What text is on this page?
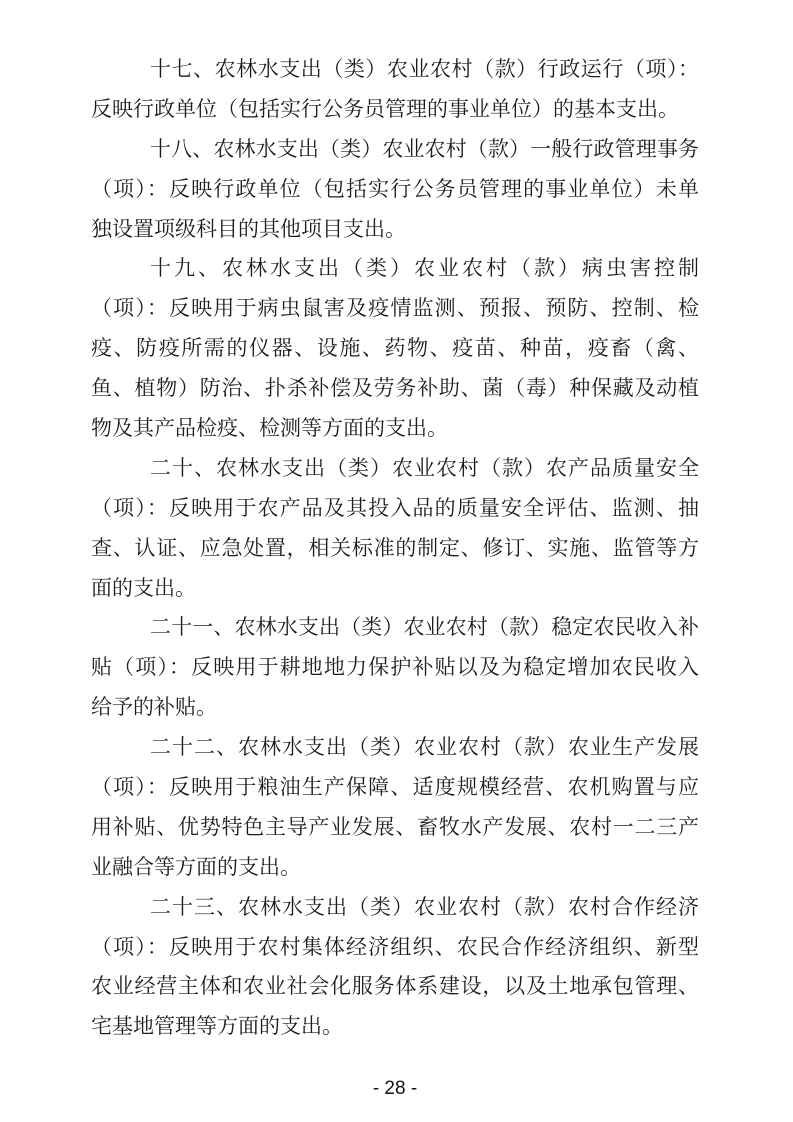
十七、农林水支出（类）农业农村（款）行政运行（项）：
反映行政单位（包括实行公务员管理的事业单位）的基本支出。
十八、农林水支出（类）农业农村（款）一般行政管理事务
（项）：反映行政单位（包括实行公务员管理的事业单位）未单
独设置项级科目的其他项目支出。
十九、农林水支出（类）农业农村（款）病虫害控制
（项）：反映用于病虫鼠害及疫情监测、预报、预防、控制、检
疫、防疫所需的仪器、设施、药物、疫苗、种苗，疫畜（禽、
鱼、植物）防治、扑杀补偿及劳务补助、菌（毒）种保藏及动植
物及其产品检疫、检测等方面的支出。
二十、农林水支出（类）农业农村（款）农产品质量安全
（项）：反映用于农产品及其投入品的质量安全评估、监测、抽
查、认证、应急处置，相关标准的制定、修订、实施、监管等方
面的支出。
二十一、农林水支出（类）农业农村（款）稳定农民收入补
贴（项）：反映用于耕地地力保护补贴以及为稳定增加农民收入
给予的补贴。
二十二、农林水支出（类）农业农村（款）农业生产发展
（项）：反映用于粮油生产保障、适度规模经营、农机购置与应
用补贴、优势特色主导产业发展、畜牧水产发展、农村一二三产
业融合等方面的支出。
二十三、农林水支出（类）农业农村（款）农村合作经济
（项）：反映用于农村集体经济组织、农民合作经济组织、新型
农业经营主体和农业社会化服务体系建设，以及土地承包管理、
宅基地管理等方面的支出。
- 28 -
